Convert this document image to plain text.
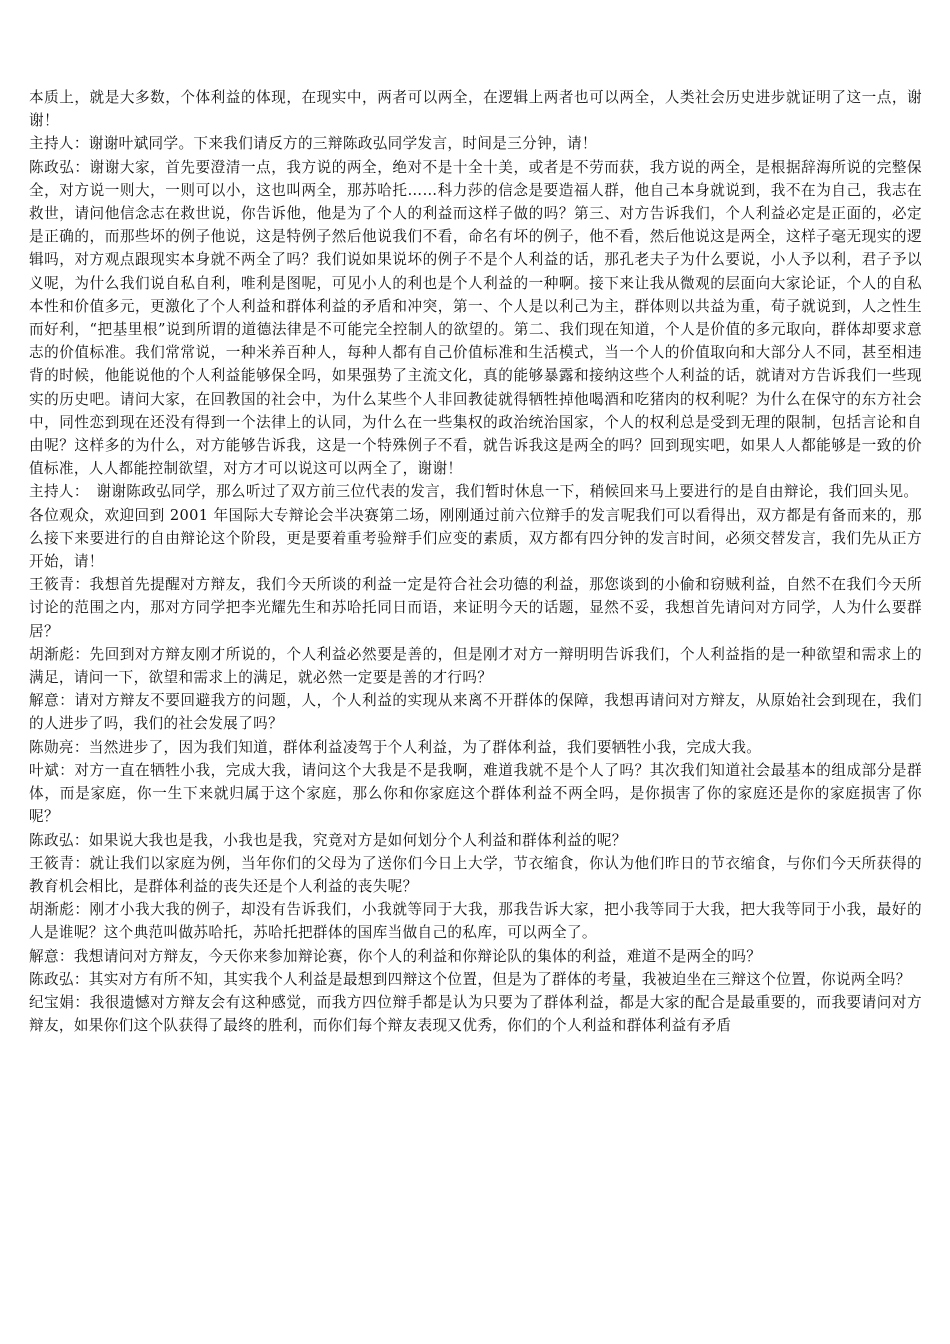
本质上，就是大多数，个体利益的体现，在现实中，两者可以两全，在逻辑上两者也可以两全，人类社会历史进步就证明了这一点，谢谢！

主持人：谢谢叶斌同学。下来我们请反方的三辩陈政弘同学发言，时间是三分钟，请！

陈政弘：谢谢大家，首先要澄清一点，我方说的两全，绝对不是十全十美，或者是不劳而获，我方说的两全，是根据辞海所说的完整保全，对方说一则大，一则可以小，这也叫两全，那苏哈托……科力莎的信念是要造福人群，他自己本身就说到，我不在为自己，我志在救世，请问他信念志在救世说，你告诉他，他是为了个人的利益而这样子做的吗？第三、对方告诉我们，个人利益必定是正面的，必定是正确的，而那些坏的例子他说，这是特例子然后他说我们不看，命名有坏的例子，他不看，然后他说这是两全，这样子毫无现实的逻辑吗，对方观点跟现实本身就不两全了吗？我们说如果说坏的例子不是个人利益的话，那孔老夫子为什么要说，小人予以利，君子予以义呢，为什么我们说自私自利，唯利是图呢，可见小人的利也是个人利益的一种啊。接下来让我从微观的层面向大家论证，个人的自私本性和价值多元，更激化了个人利益和群体利益的矛盾和冲突，第一、个人是以利己为主，群体则以共益为重，荀子就说到，人之性生而好利，“把基里根”说到所谓的道德法律是不可能完全控制人的欲望的。第二、我们现在知道，个人是价值的多元取向，群体却要求意志的价值标准。我们常常说，一种米养百种人，每种人都有自己价值标准和生活模式，当一个人的价值取向和大部分人不同，甚至相违背的时候，他能说他的个人利益能够保全吗，如果强势了主流文化，真的能够暴露和接纳这些个人利益的话，就请对方告诉我们一些现实的历史吧。请问大家，在回教国的社会中，为什么某些个人非回教徒就得牺牲掉他喝酒和吃猪肉的权利呢？为什么在保守的东方社会中，同性恋到现在还没有得到一个法律上的认同，为什么在一些集权的政治统治国家，个人的权利总是受到无理的限制，包括言论和自由呢？这样多的为什么，对方能够告诉我，这是一个特殊例子不看，就告诉我这是两全的吗？回到现实吧，如果人人都能够是一致的价值标准，人人都能控制欲望，对方才可以说这可以两全了，谢谢！

主持人：　谢谢陈政弘同学，那么听过了双方前三位代表的发言，我们暂时休息一下，稍候回来马上要进行的是自由辩论，我们回头见。

各位观众，欢迎回到 2001 年国际大专辩论会半决赛第二场，刚刚通过前六位辩手的发言呢我们可以看得出，双方都是有备而来的，那么接下来要进行的自由辩论这个阶段，更是要着重考验辩手们应变的素质，双方都有四分钟的发言时间，必须交替发言，我们先从正方开始，请！

王筱青：我想首先提醒对方辩友，我们今天所谈的利益一定是符合社会功德的利益，那您谈到的小偷和窃贼利益，自然不在我们今天所讨论的范围之内，那对方同学把李光耀先生和苏哈托同日而语，来证明今天的话题，显然不妥，我想首先请问对方同学，人为什么要群居？

胡渐彪：先回到对方辩友刚才所说的，个人利益必然要是善的，但是刚才对方一辩明明告诉我们，个人利益指的是一种欲望和需求上的满足，请问一下，欲望和需求上的满足，就必然一定要是善的才行吗？

解意：请对方辩友不要回避我方的问题，人，个人利益的实现从来离不开群体的保障，我想再请问对方辩友，从原始社会到现在，我们的人进步了吗，我们的社会发展了吗？

陈勋亮：当然进步了，因为我们知道，群体利益凌驾于个人利益，为了群体利益，我们要牺牲小我，完成大我。

叶斌：对方一直在牺牲小我，完成大我，请问这个大我是不是我啊，难道我就不是个人了吗？其次我们知道社会最基本的组成部分是群体，而是家庭，你一生下来就归属于这个家庭，那么你和你家庭这个群体利益不两全吗，是你损害了你的家庭还是你的家庭损害了你呢？

陈政弘：如果说大我也是我，小我也是我，究竟对方是如何划分个人利益和群体利益的呢？

王筱青：就让我们以家庭为例，当年你们的父母为了送你们今日上大学，节衣缩食，你认为他们昨日的节衣缩食，与你们今天所获得的教育机会相比，是群体利益的丧失还是个人利益的丧失呢？

胡渐彪：刚才小我大我的例子，却没有告诉我们，小我就等同于大我，那我告诉大家，把小我等同于大我，把大我等同于小我，最好的人是谁呢？这个典范叫做苏哈托，苏哈托把群体的国库当做自己的私库，可以两全了。

解意：我想请问对方辩友，今天你来参加辩论赛，你个人的利益和你辩论队的集体的利益，难道不是两全的吗？

陈政弘：其实对方有所不知，其实我个人利益是最想到四辩这个位置，但是为了群体的考量，我被迫坐在三辩这个位置，你说两全吗？

纪宝娟：我很遗憾对方辩友会有这种感觉，而我方四位辩手都是认为只要为了群体利益，都是大家的配合是最重要的，而我要请问对方辩友，如果你们这个队获得了最终的胜利，而你们每个辩友表现又优秀，你们的个人利益和群体利益有矛盾
